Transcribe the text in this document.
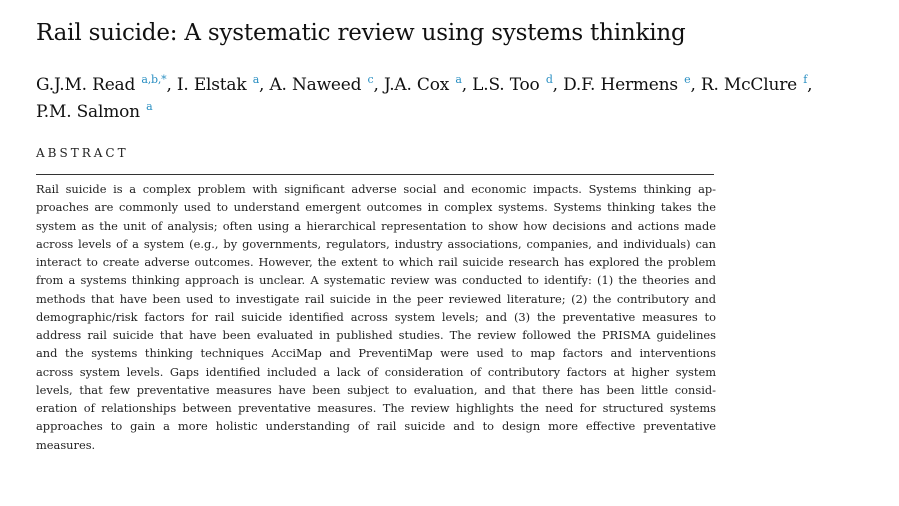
Rail suicide: A systematic review using systems thinking

G.J.M. Read $^{a,b,*}$, I. Elstak $^a$, A. Naweed $^c$, J.A. Cox $^a$, L.S. Too $^d$, D.F. Hermens $^e$, R. McClure $^f$,
P.M. Salmon $^a$

ABSTRACT
Rail suicide is a complex problem with significant adverse social and economic impacts. Systems thinking ap-
proaches are commonly used to understand emergent outcomes in complex systems. Systems thinking takes the
system as the unit of analysis; often using a hierarchical representation to show how decisions and actions made
across levels of a system (e.g., by governments, regulators, industry associations, companies, and individuals) can
interact to create adverse outcomes. However, the extent to which rail suicide research has explored the problem
from a systems thinking approach is unclear. A systematic review was conducted to identify: (1) the theories and
methods that have been used to investigate rail suicide in the peer reviewed literature; (2) the contributory and
demographic/risk factors for rail suicide identified across system levels; and (3) the preventative measures to
address rail suicide that have been evaluated in published studies. The review followed the PRISMA guidelines
and the systems thinking techniques AcciMap and PreventiMap were used to map factors and interventions
across system levels. Gaps identified included a lack of consideration of contributory factors at higher system
levels, that few preventative measures have been subject to evaluation, and that there has been little consid-
eration of relationships between preventative measures. The review highlights the need for structured systems
approaches to gain a more holistic understanding of rail suicide and to design more effective preventative
measures.
